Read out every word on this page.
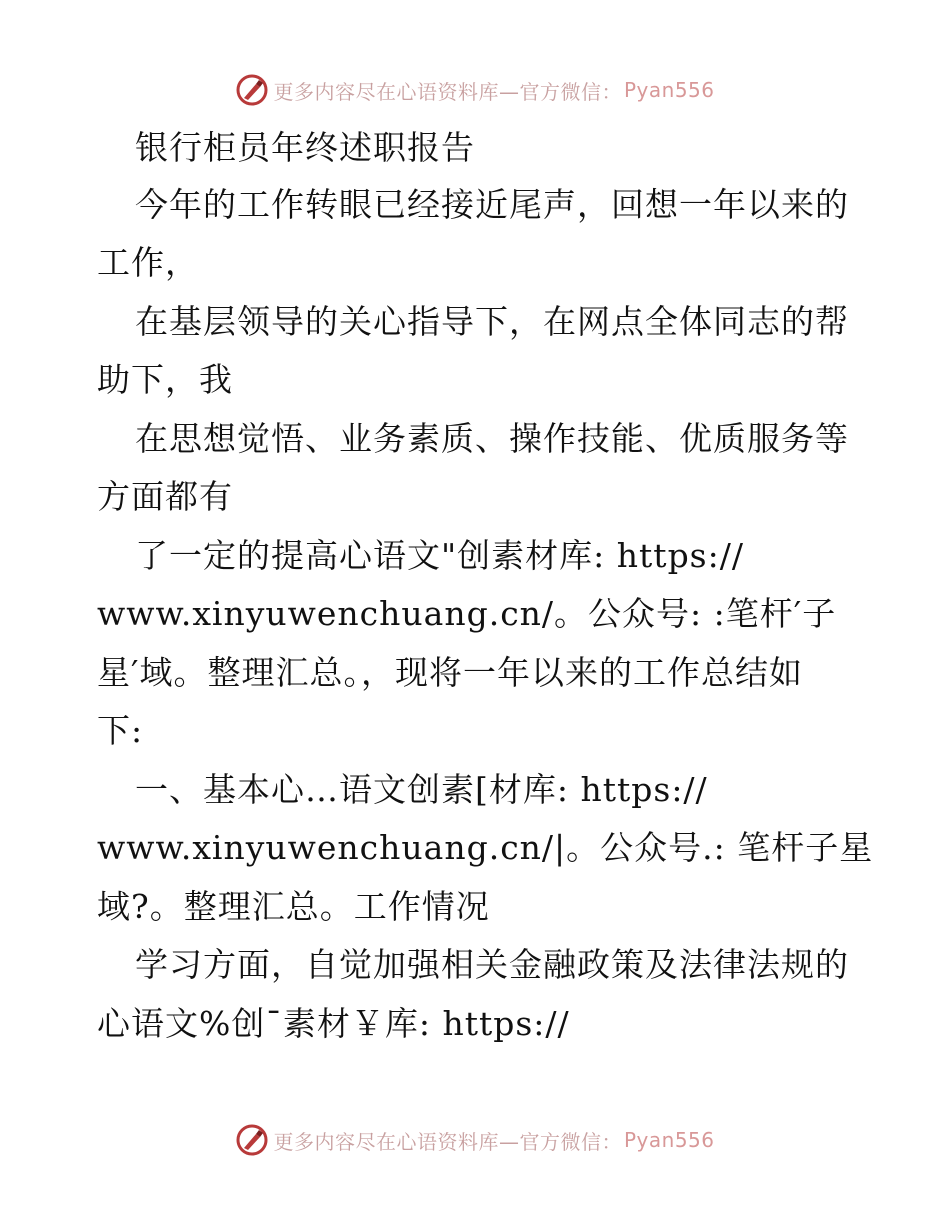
更多内容尽在心语资料库—官方微信： Pyan556
银行柜员年终述职报告
今年的工作转眼已经接近尾声，回想一年以来的
工作，
在基层领导的关心指导下，在网点全体同志的帮
助下，我
在思想觉悟、业务素质、操作技能、优质服务等
方面都有
了一定的提高心语文"创素材库: https://
www.xinyuwenchuang.cn/。公众号: :笔杆′子
星′域。整理汇总。，现将一年以来的工作总结如
下:
一、基本心…语文创素[材库: https://
www.xinyuwenchuang.cn/|。公众号.: 笔杆子星
域?。整理汇总。工作情况
学习方面，自觉加强相关金融政策及法律法规的
心语文%创¯素材￥库: https://
更多内容尽在心语资料库—官方微信： Pyan556
